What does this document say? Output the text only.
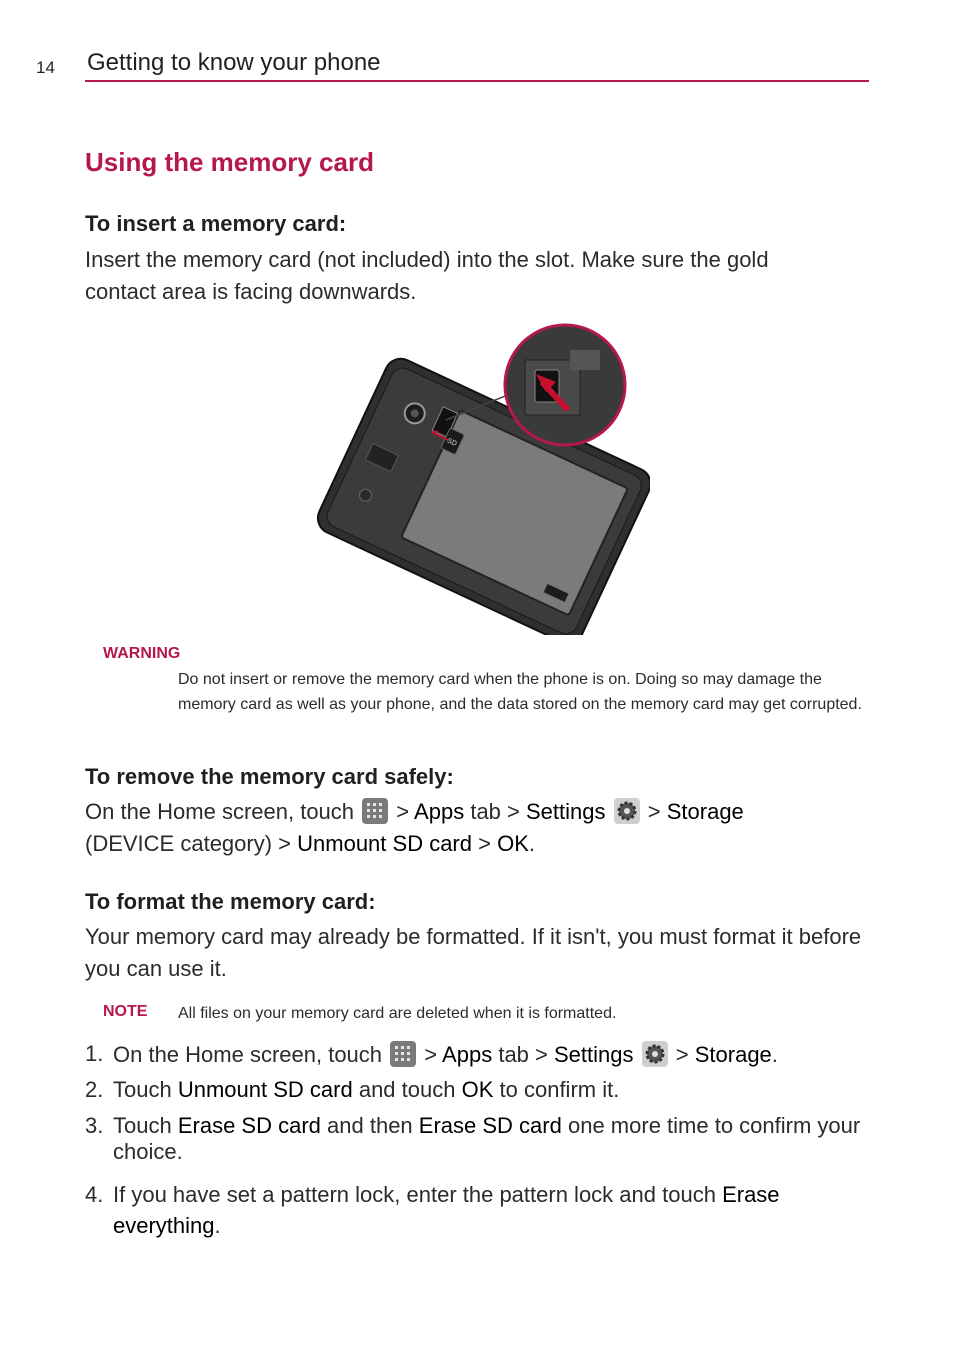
14 Getting to know your phone
Using the memory card
To insert a memory card:
Insert the memory card (not included) into the slot. Make sure the gold contact area is facing downwards.
SD
WARNING
Do not insert or remove the memory card when the phone is on. Doing so may damage the memory card as well as your phone, and the data stored on the memory card may get corrupted.
To remove the memory card safely:
On the Home screen, touch > Apps tab > Settings > Storage
(DEVICE category) > Unmount SD card > OK.
To format the memory card:
Your memory card may already be formatted. If it isn't, you must format it before you can use it.
NOTE All files on your memory card are deleted when it is formatted.
1. On the Home screen, touch > Apps tab > Settings > Storage.
2. Touch Unmount SD card and touch OK to confirm it.
3. Touch Erase SD card and then Erase SD card one more time to confirm your choice.
4. If you have set a pattern lock, enter the pattern lock and touch Erase everything.
